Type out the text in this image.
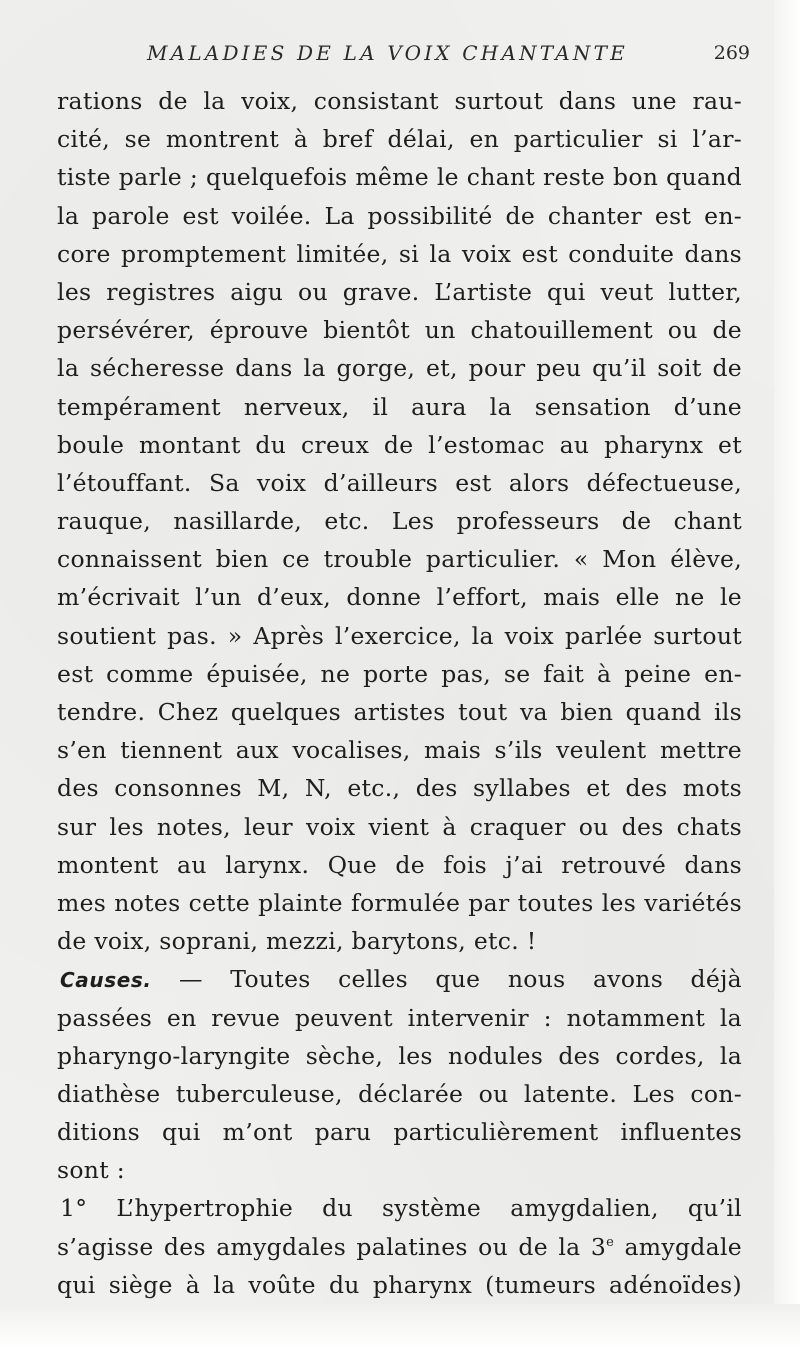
MALADIES DE LA VOIX CHANTANTE	269
rations de la voix, consistant surtout dans une rau-
cité, se montrent à bref délai, en particulier si l’ar-
tiste parle ; quelquefois même le chant reste bon quand
la parole est voilée. La possibilité de chanter est en-
core promptement limitée, si la voix est conduite dans
les registres aigu ou grave. L’artiste qui veut lutter,
persévérer, éprouve bientôt un chatouillement ou de
la sécheresse dans la gorge, et, pour peu qu’il soit de
tempérament nerveux, il aura la sensation d’une
boule montant du creux de l’estomac au pharynx et
l’étouffant. Sa voix d’ailleurs est alors défectueuse,
rauque, nasillarde, etc. Les professeurs de chant
connaissent bien ce trouble particulier. « Mon élève,
m’écrivait l’un d’eux, donne l’effort, mais elle ne le
soutient pas. » Après l’exercice, la voix parlée surtout
est comme épuisée, ne porte pas, se fait à peine en-
tendre. Chez quelques artistes tout va bien quand ils
s’en tiennent aux vocalises, mais s’ils veulent mettre
des consonnes M, N, etc., des syllabes et des mots
sur les notes, leur voix vient à craquer ou des chats
montent au larynx. Que de fois j’ai retrouvé dans
mes notes cette plainte formulée par toutes les variétés
de voix, soprani, mezzi, barytons, etc. !
Causes. — Toutes celles que nous avons déjà
passées en revue peuvent intervenir : notamment la
pharyngo-laryngite sèche, les nodules des cordes, la
diathèse tuberculeuse, déclarée ou latente. Les con-
ditions qui m’ont paru particulièrement influentes
sont :
1° L’hypertrophie du système amygdalien, qu’il
s’agisse des amygdales palatines ou de la 3e amygdale
qui siège à la voûte du pharynx (tumeurs adénoïdes)
